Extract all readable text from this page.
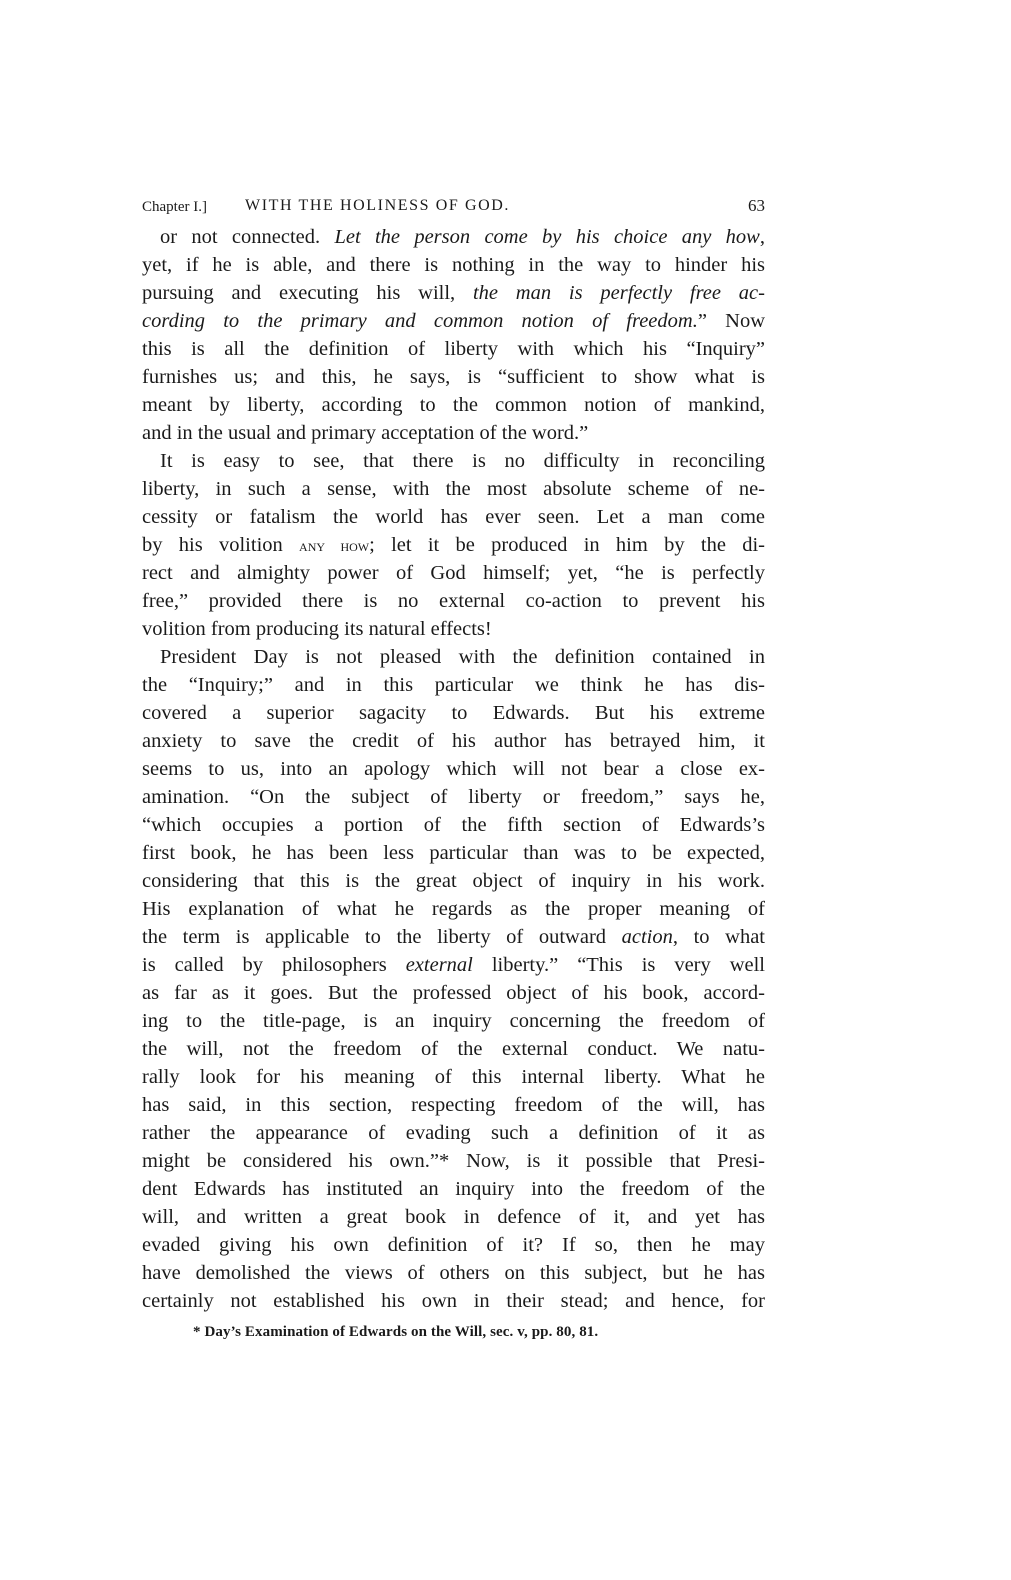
Chapter I.] WITH THE HOLINESS OF GOD.	63
or not connected. Let the person come by his choice any how,
yet, if he is able, and there is nothing in the way to hinder his
pursuing and executing his will, the man is perfectly free ac-
cording to the primary and common notion of freedom.” Now
this is all the definition of liberty with which his “Inquiry”
furnishes us; and this, he says, is “sufficient to show what is
meant by liberty, according to the common notion of mankind,
and in the usual and primary acceptation of the word.”
It is easy to see, that there is no difficulty in reconciling
liberty, in such a sense, with the most absolute scheme of ne-
cessity or fatalism the world has ever seen. Let a man come
by his volition any how; let it be produced in him by the di-
rect and almighty power of God himself; yet, “he is perfectly
free,” provided there is no external co-action to prevent his
volition from producing its natural effects!
President Day is not pleased with the definition contained in
the “Inquiry;” and in this particular we think he has dis-
covered a superior sagacity to Edwards. But his extreme
anxiety to save the credit of his author has betrayed him, it
seems to us, into an apology which will not bear a close ex-
amination. “On the subject of liberty or freedom,” says he,
“which occupies a portion of the fifth section of Edwards’s
first book, he has been less particular than was to be expected,
considering that this is the great object of inquiry in his work.
His explanation of what he regards as the proper meaning of
the term is applicable to the liberty of outward action, to what
is called by philosophers external liberty.” “This is very well
as far as it goes. But the professed object of his book, accord-
ing to the title-page, is an inquiry concerning the freedom of
the will, not the freedom of the external conduct. We natu-
rally look for his meaning of this internal liberty. What he
has said, in this section, respecting freedom of the will, has
rather the appearance of evading such a definition of it as
might be considered his own.”* Now, is it possible that Presi-
dent Edwards has instituted an inquiry into the freedom of the
will, and written a great book in defence of it, and yet has
evaded giving his own definition of it? If so, then he may
have demolished the views of others on this subject, but he has
certainly not established his own in their stead; and hence, for
* Day’s Examination of Edwards on the Will, sec. v, pp. 80, 81.
